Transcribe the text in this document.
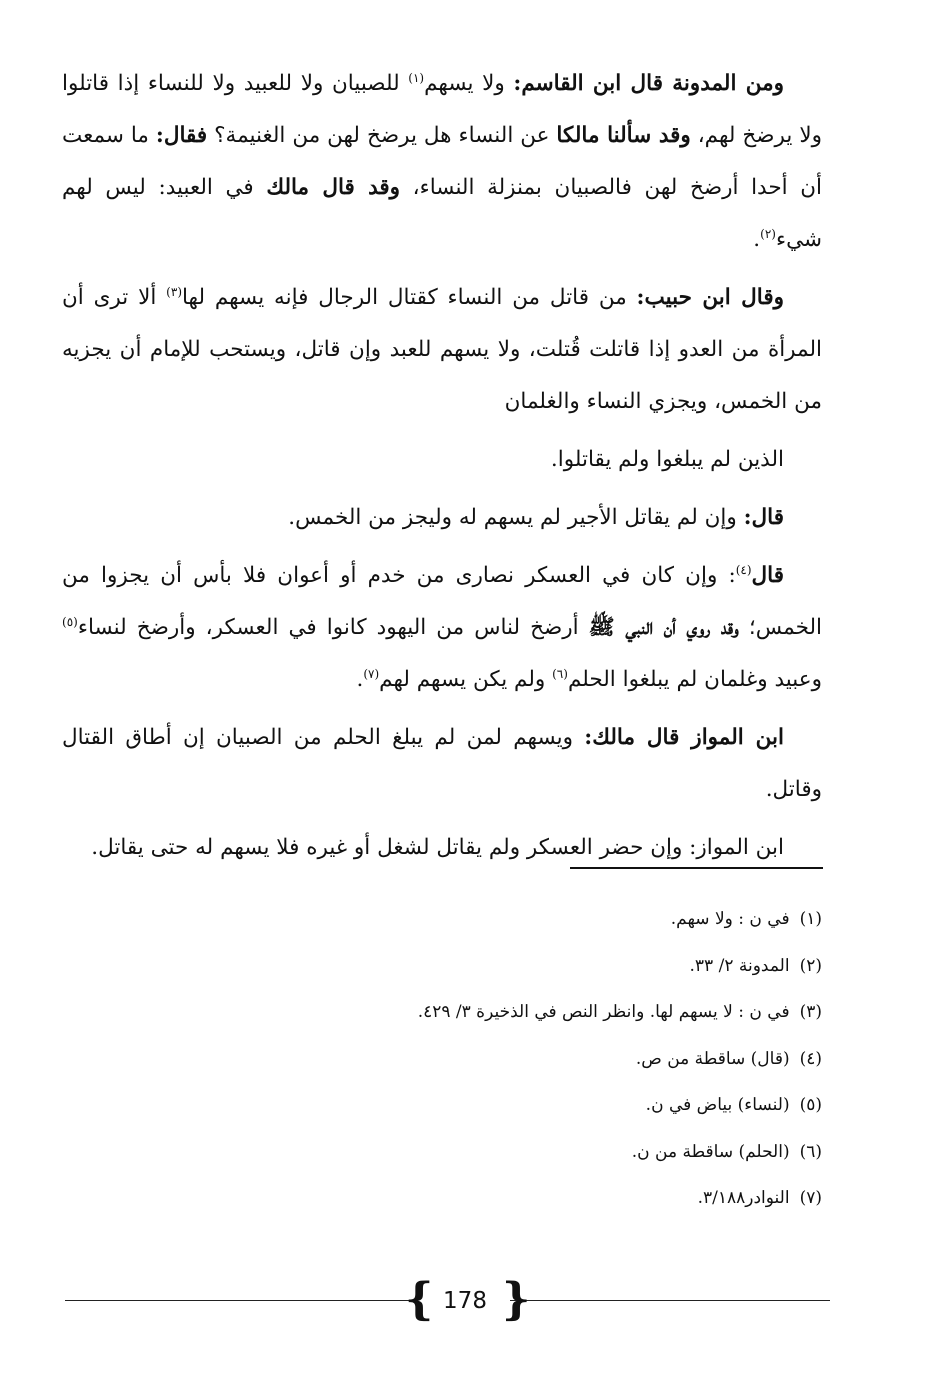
ومن المدونة قال ابن القاسم: ولا يسهم$^{(١)}$ للصبيان ولا للعبيد ولا للنساء إذا قاتلوا ولا يرضخ لهم، وقد سألنا مالكا عن النساء هل يرضخ لهن من الغنيمة؟ فقال: ما سمعت أن أحدا أرضخ لهن فالصبيان بمنزلة النساء، وقد قال مالك في العبيد: ليس لهم شيء$^{(٢)}$.

وقال ابن حبيب: من قاتل من النساء كقتال الرجال فإنه يسهم لها$^{(٣)}$ ألا ترى أن المرأة من العدو إذا قاتلت قُتلت، ولا يسهم للعبد وإن قاتل، ويستحب للإمام أن يجزيه من الخمس، ويجزي النساء والغلمان

الذين لم يبلغوا ولم يقاتلوا.

قال: وإن لم يقاتل الأجير لم يسهم له وليجز من الخمس.

قال$^{(٤)}$: وإن كان في العسكر نصارى من خدم أو أعوان فلا بأس أن يجزوا من الخمس؛ وقد روي أن النبي ﷺ أرضخ لناس من اليهود كانوا في العسكر، وأرضخ لنساء$^{(٥)}$ وعبيد وغلمان لم يبلغوا الحلم$^{(٦)}$ ولم يكن يسهم لهم$^{(٧)}$.

ابن المواز قال مالك: ويسهم لمن لم يبلغ الحلم من الصبيان إن أطاق القتال وقاتل.

ابن المواز: وإن حضر العسكر ولم يقاتل لشغل أو غيره فلا يسهم له حتى يقاتل.

(١)في ن : ولا سهم.
(٢)المدونة ٢/ ٣٣.
(٣)في ن : لا يسهم لها. وانظر النص في الذخيرة ٣/ ٤٢٩.
(٤)(قال) ساقطة من ص.
(٥)(لنساء) بياض في ن.
(٦)(الحلم) ساقطة من ن.
(٧)النوادر٣/١٨٨.
{ }
178
